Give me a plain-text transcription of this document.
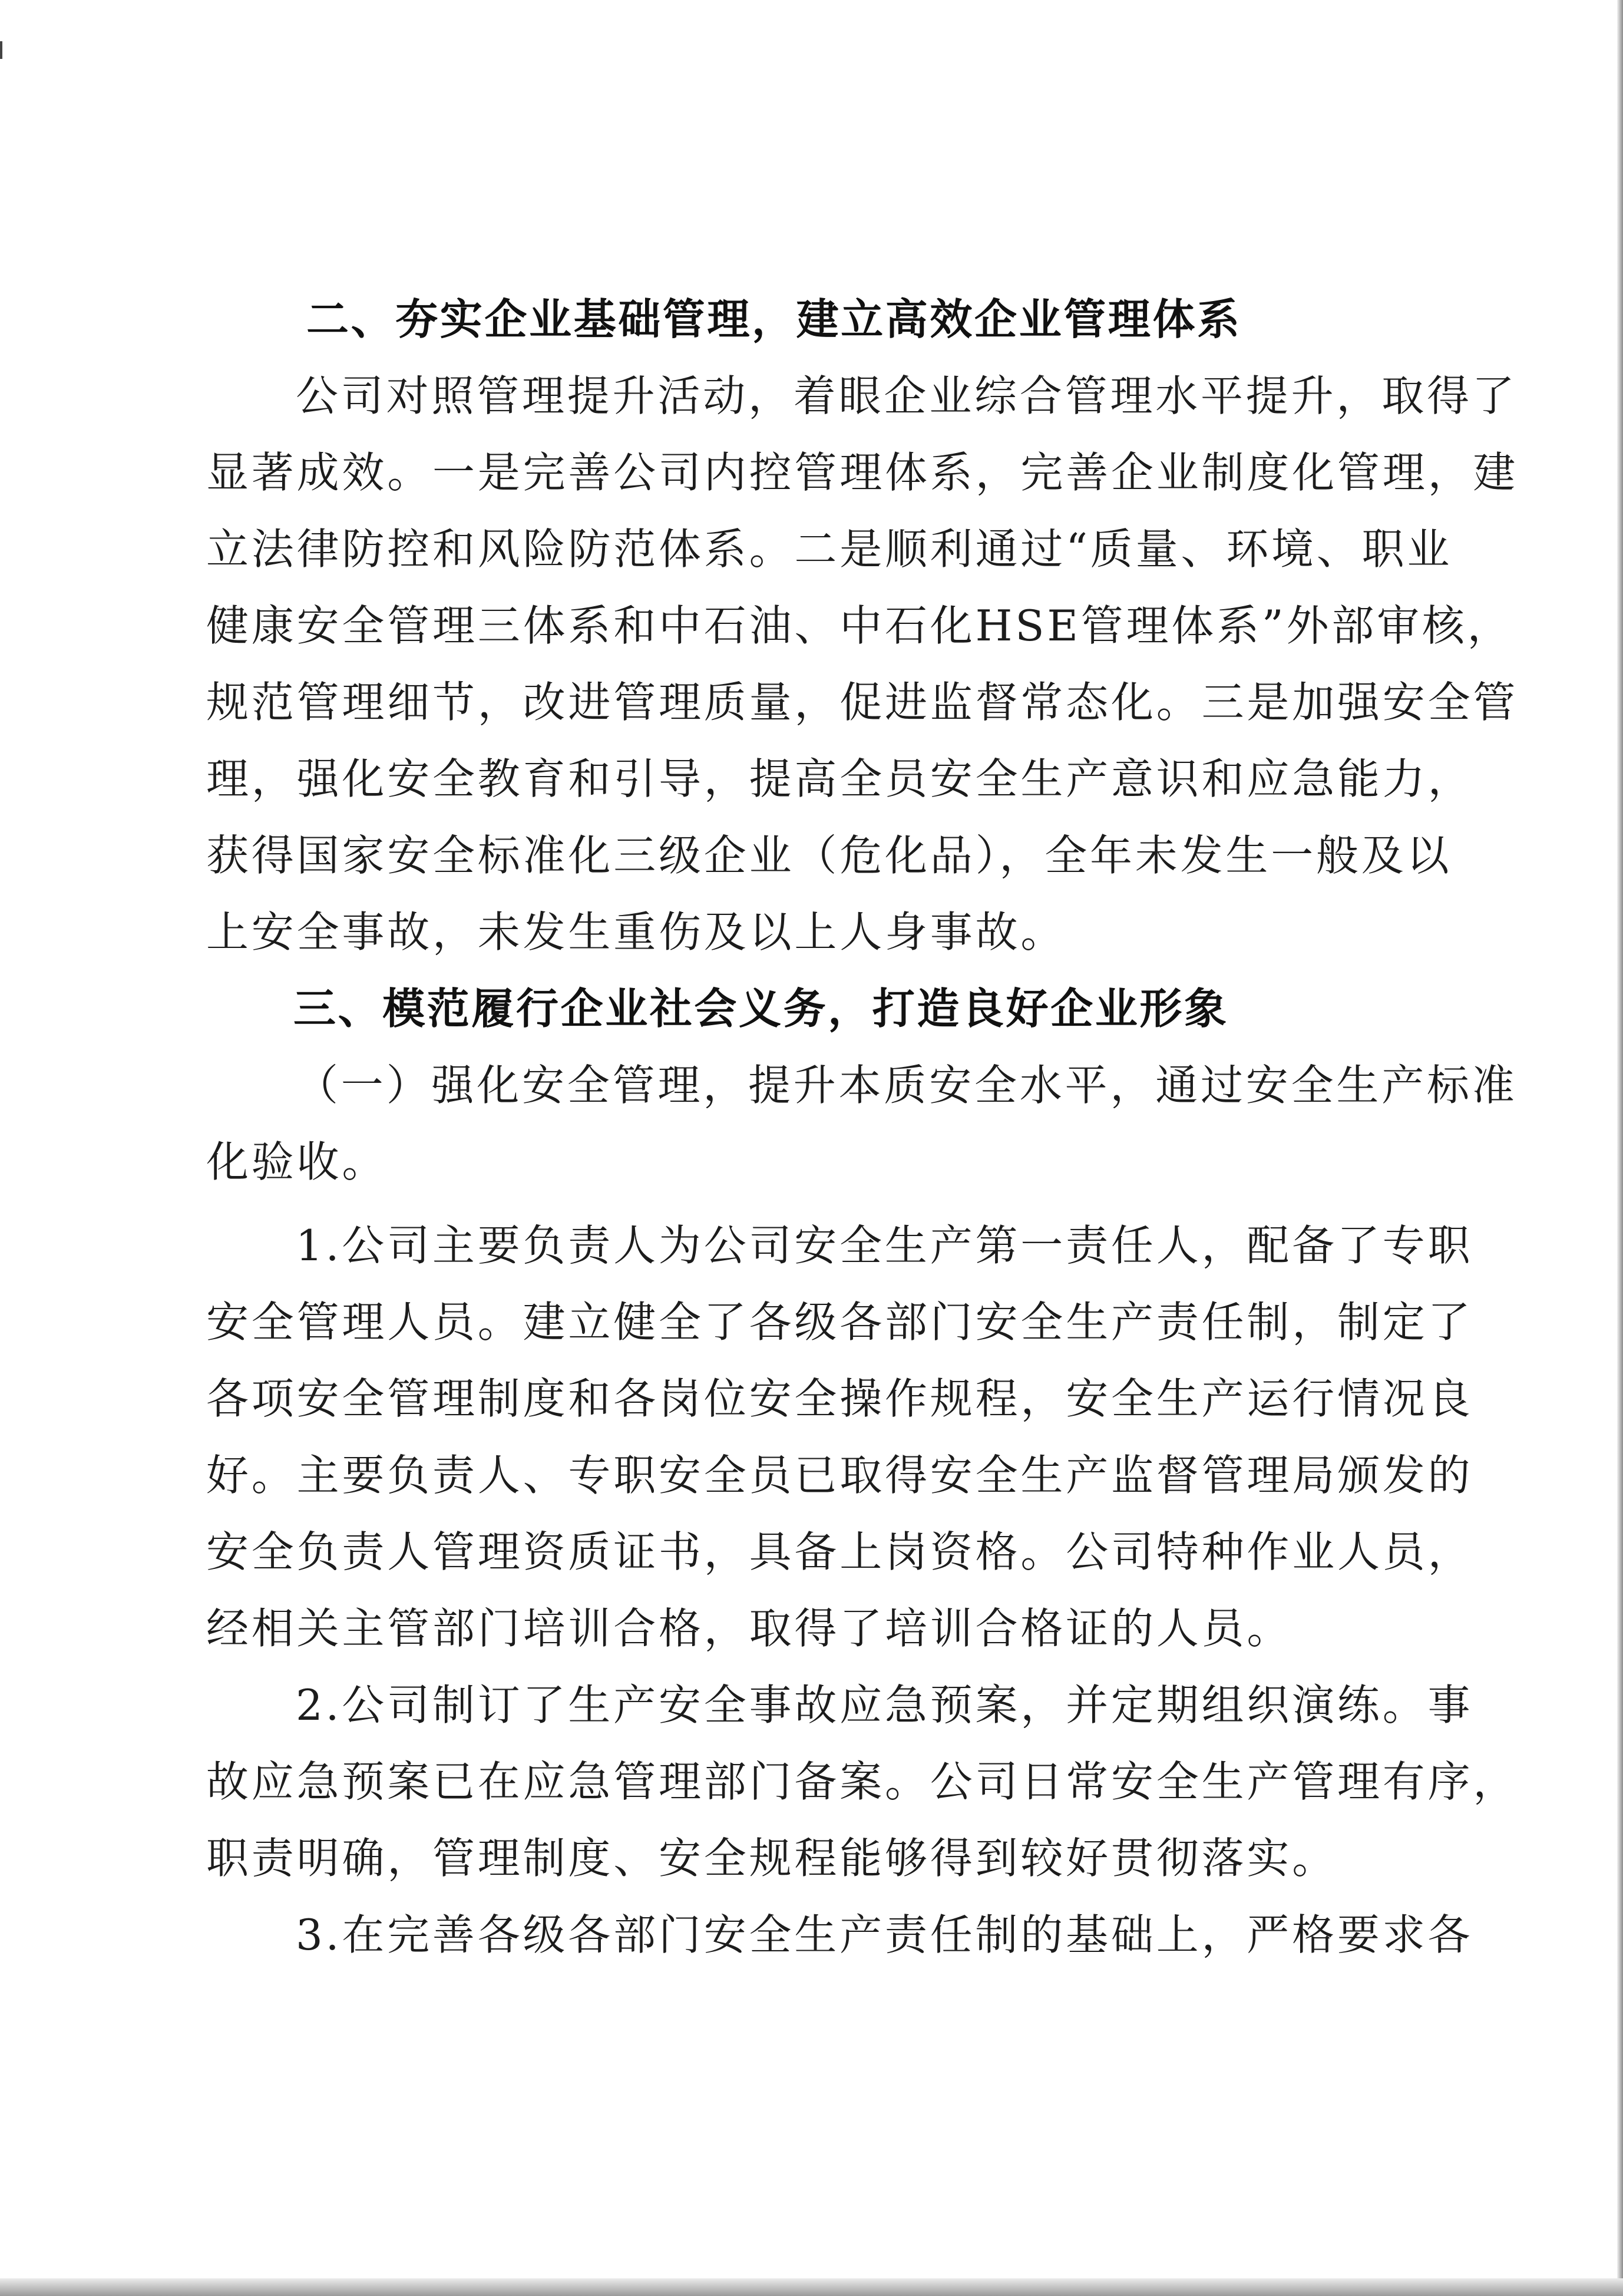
二、夯实企业基础管理，建立高效企业管理体系
公司对照管理提升活动，着眼企业综合管理水平提升，取得了
显著成效。一是完善公司内控管理体系，完善企业制度化管理，建
立法律防控和风险防范体系。二是顺利通过“质量、环境、职业
健康安全管理三体系和中石油、中石化HSE管理体系”外部审核，
规范管理细节，改进管理质量，促进监督常态化。三是加强安全管
理，强化安全教育和引导，提高全员安全生产意识和应急能力，
获得国家安全标准化三级企业（危化品），全年未发生一般及以
上安全事故，未发生重伤及以上人身事故。
三、模范履行企业社会义务，打造良好企业形象
（一）强化安全管理，提升本质安全水平，通过安全生产标准
化验收。
1.公司主要负责人为公司安全生产第一责任人，配备了专职
安全管理人员。建立健全了各级各部门安全生产责任制，制定了
各项安全管理制度和各岗位安全操作规程，安全生产运行情况良
好。主要负责人、专职安全员已取得安全生产监督管理局颁发的
安全负责人管理资质证书，具备上岗资格。公司特种作业人员，
经相关主管部门培训合格，取得了培训合格证的人员。
2.公司制订了生产安全事故应急预案，并定期组织演练。事
故应急预案已在应急管理部门备案。公司日常安全生产管理有序，
职责明确，管理制度、安全规程能够得到较好贯彻落实。
3.在完善各级各部门安全生产责任制的基础上，严格要求各
